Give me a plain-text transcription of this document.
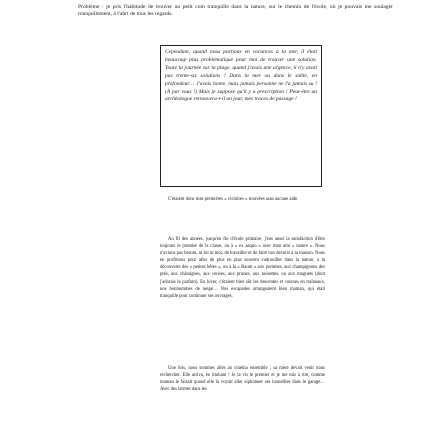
Problème : je pris l'habitude de trouver un petit coin tranquille dans la nature, sur le chemin de l'école, où je pouvais me soulager tranquillement, à l'abri de tous les regards.

Cependant, quand nous partions en vacances à la mer, il était beaucoup plus problématique pour moi de trouver une solution. Toute la journée sur la plage, quand j'avais une urgence, il n'y avait pas trente-six solutions ! Dans la mer ou dans le sable, en profondeur… J'avais honte, mais jamais personne ne l'a jamais su ! (À par vous !) Mais je suppose qu'il y a prescription ! Peut-être un archéologue retrouvera-t-il un jour, mes traces de passage !

C'étaient donc mes premières « victoires » trouvées sans aucune aide.

Au fil des années, jusqu'en fin d'école primaire, j'eus aussi la satisfaction d'être toujours le premier de la classe, ou à « ex aequo » avec mon ami « nature ». Nous n'avions pas besoin, ni lui ni moi, de travailler et de faire nos devoirs à la maison. Nous en profitions pour aller de plus en plus souvent vadrouiller dans la nature, à la découverte des « petites bêtes », ou à la « Baum » aux pommes, aux champignons des prés, aux châtaignes, aux cerises, aux prunes, aux noisettes, ou aux muguets (dont j'adorais le parfum). En hiver, c'étaient bien sûr les descentes et courses en traîneaux, nos bonhommes de neige… Nos escapades arrangeaient bien maman, qui était tranquille pour continuer ses ouvrages.

Une fois, nous sommes allés au cinéma ensemble ; sa mère devait venir nous rechercher. Elle arriva, en titubant ! Je la vis le premier et je me mis à rire, comme maman le faisait quand elle la voyait aller siphonner ses bouteilles dans le garage… Avec des larmes dans les
